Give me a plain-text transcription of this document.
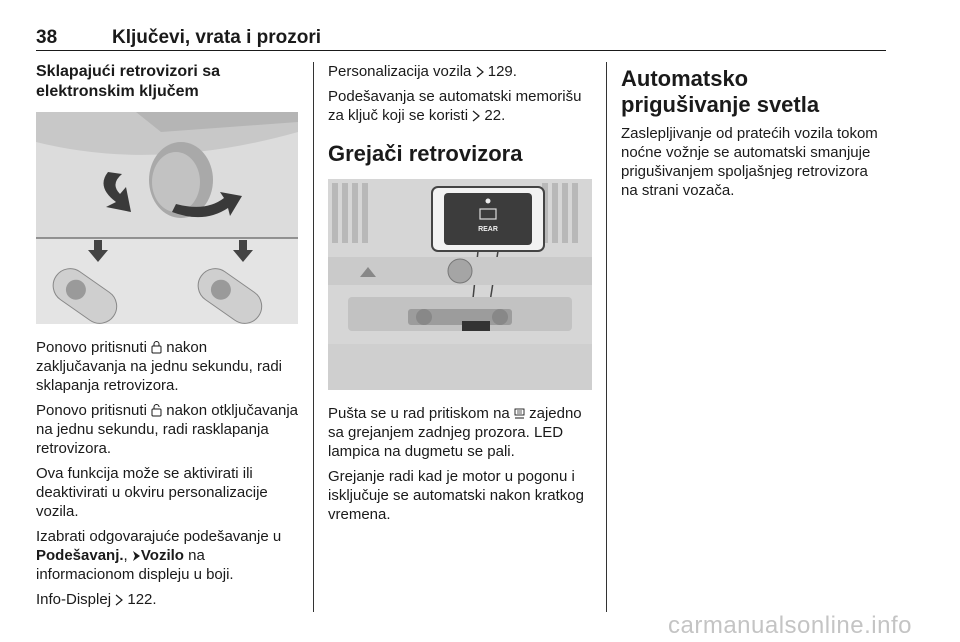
38	Ključevi, vrata i prozori
Sklapajući retrovizori sa
elektronskim ključem

Ponovo pritisnuti nakon zaključavanja na jednu sekundu, radi sklapanja retrovizora.

Ponovo pritisnuti nakon otključavanja na jednu sekundu, radi rasklapanja retrovizora.

Ova funkcija može se aktivirati ili deaktivirati u okviru personalizacije vozila.

Izabrati odgovarajuće podešavanje u Podešavanj., Vozilo na informacionom displeju u boji.

Info-Displej 122.

Personalizacija vozila 129.

Podešavanja se automatski memorišu za ključ koji se koristi 22.

Grejači retrovizora
REAR

Pušta se u rad pritiskom na zajedno sa grejanjem zadnjeg prozora. LED lampica na dugmetu se pali.

Grejanje radi kad je motor u pogonu i isključuje se automatski nakon kratkog vremena.

Automatsko prigušivanje svetla

Zaslepljivanje od pratećih vozila tokom noćne vožnje se automatski smanjuje prigušivanjem spoljašnjeg retrovizora na strani vozača.

carmanualsonline.info
